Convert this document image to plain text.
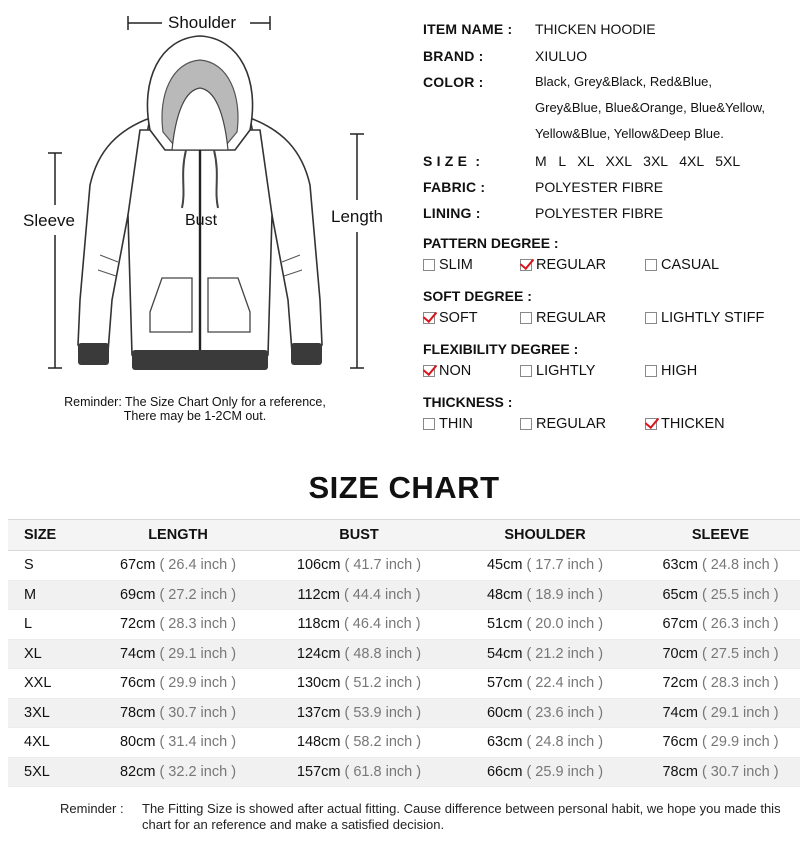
Shoulder
Sleeve	Bust	Length
Reminder: The Size Chart Only for a reference,
There may be 1-2CM out.
ITEM NAME : THICKEN HOODIE
BRAND :	XIULUO
COLOR :	Black, Grey&Black, Red&Blue,
Grey&Blue, Blue&Orange, Blue&Yellow,
Yellow&Blue, Yellow&Deep Blue.
S I Z E  :	M   L   XL   XXL   3XL   4XL   5XL
FABRIC :	POLYESTER FIBRE
LINING :	POLYESTER FIBRE
PATTERN DEGREE :
SLIM	REGULAR	CASUAL
SOFT DEGREE :
SOFT	REGULAR	LIGHTLY STIFF
FLEXIBILITY DEGREE :
NON	LIGHTLY	HIGH
THICKNESS :
THIN	REGULAR	THICKEN
SIZE CHART
SIZE	LENGTH	BUST	SHOULDER	SLEEVE
S	67cm ( 26.4 inch )	106cm ( 41.7 inch )	45cm ( 17.7 inch )	63cm ( 24.8 inch )
M	69cm ( 27.2 inch )	112cm ( 44.4 inch )	48cm ( 18.9 inch )	65cm ( 25.5 inch )
L	72cm ( 28.3 inch )	118cm ( 46.4 inch )	51cm ( 20.0 inch )	67cm ( 26.3 inch )
XL	74cm ( 29.1 inch )	124cm ( 48.8 inch )	54cm ( 21.2 inch )	70cm ( 27.5 inch )
XXL	76cm ( 29.9 inch )	130cm ( 51.2 inch )	57cm ( 22.4 inch )	72cm ( 28.3 inch )
3XL	78cm ( 30.7 inch )	137cm ( 53.9 inch )	60cm ( 23.6 inch )	74cm ( 29.1 inch )
4XL	80cm ( 31.4 inch )	148cm ( 58.2 inch )	63cm ( 24.8 inch )	76cm ( 29.9 inch )
5XL	82cm ( 32.2 inch )	157cm ( 61.8 inch )	66cm ( 25.9 inch )	78cm ( 30.7 inch )
Reminder : The Fitting Size is showed after actual fitting. Cause difference between personal habit, we hope you made this chart for an reference and make a satisfied decision.
